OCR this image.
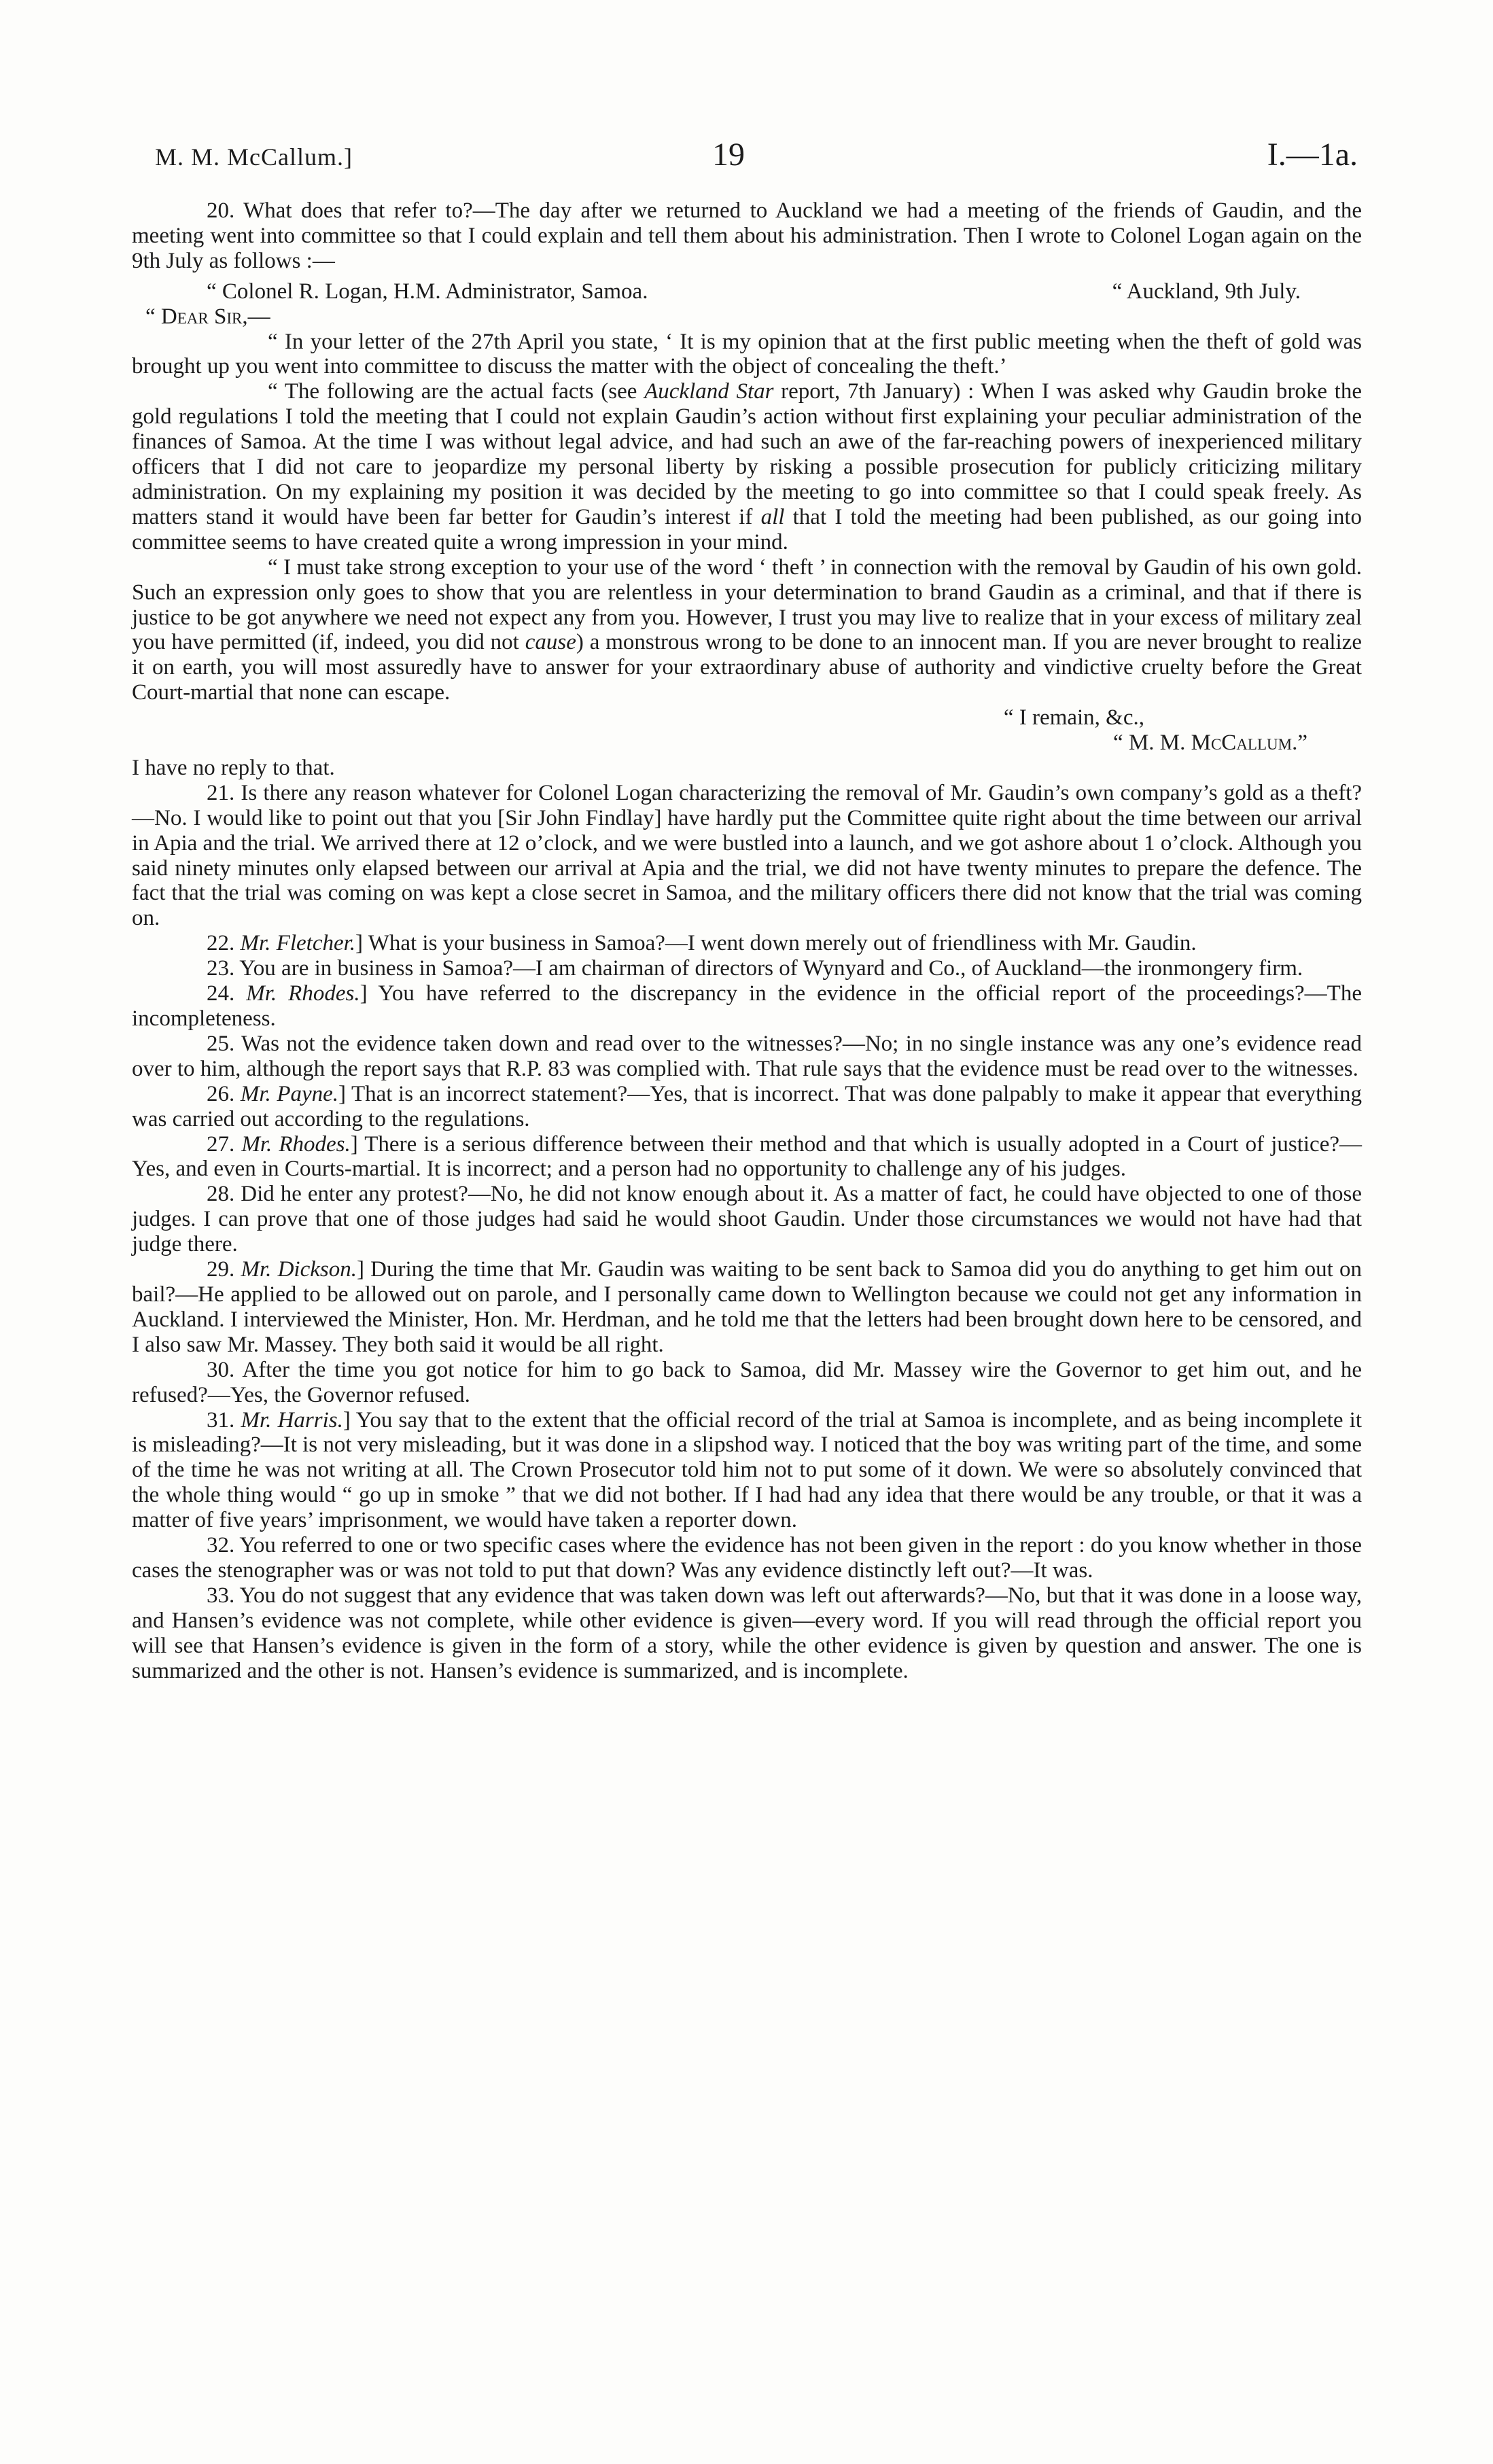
M. M. McCallum.]	19	I.—1a.

20. What does that refer to?—The day after we returned to Auckland we had a meeting of the friends of Gaudin, and the meeting went into committee so that I could explain and tell them about his administration. Then I wrote to Colonel Logan again on the 9th July as follows :—

“ Colonel R. Logan, H.M. Administrator, Samoa.	“ Auckland, 9th July.

“ Dear Sir,—

“ In your letter of the 27th April you state, ‘ It is my opinion that at the first public meeting when the theft of gold was brought up you went into committee to discuss the matter with the object of concealing the theft.’

“ The following are the actual facts (see Auckland Star report, 7th January) : When I was asked why Gaudin broke the gold regulations I told the meeting that I could not explain Gaudin’s action without first explaining your peculiar administration of the finances of Samoa. At the time I was without legal advice, and had such an awe of the far-reaching powers of inexperienced military officers that I did not care to jeopardize my personal liberty by risking a possible prosecution for publicly criticizing military administration. On my explaining my position it was decided by the meeting to go into committee so that I could speak freely. As matters stand it would have been far better for Gaudin’s interest if all that I told the meeting had been published, as our going into committee seems to have created quite a wrong impression in your mind.

“ I must take strong exception to your use of the word ‘ theft ’ in connection with the removal by Gaudin of his own gold. Such an expression only goes to show that you are relentless in your determination to brand Gaudin as a criminal, and that if there is justice to be got anywhere we need not expect any from you. However, I trust you may live to realize that in your excess of military zeal you have permitted (if, indeed, you did not cause) a monstrous wrong to be done to an innocent man. If you are never brought to realize it on earth, you will most assuredly have to answer for your extraordinary abuse of authority and vindictive cruelty before the Great Court-martial that none can escape.

“ I remain, &c.,

“ M. M. McCallum.”

I have no reply to that.

21. Is there any reason whatever for Colonel Logan characterizing the removal of Mr. Gaudin’s own company’s gold as a theft?—No. I would like to point out that you [Sir John Findlay] have hardly put the Committee quite right about the time between our arrival in Apia and the trial. We arrived there at 12 o’clock, and we were bustled into a launch, and we got ashore about 1 o’clock. Although you said ninety minutes only elapsed between our arrival at Apia and the trial, we did not have twenty minutes to prepare the defence. The fact that the trial was coming on was kept a close secret in Samoa, and the military officers there did not know that the trial was coming on.

22. Mr. Fletcher.] What is your business in Samoa?—I went down merely out of friendliness with Mr. Gaudin.

23. You are in business in Samoa?—I am chairman of directors of Wynyard and Co., of Auckland—the ironmongery firm.

24. Mr. Rhodes.] You have referred to the discrepancy in the evidence in the official report of the proceedings?—The incompleteness.

25. Was not the evidence taken down and read over to the witnesses?—No; in no single instance was any one’s evidence read over to him, although the report says that R.P. 83 was complied with. That rule says that the evidence must be read over to the witnesses.

26. Mr. Payne.] That is an incorrect statement?—Yes, that is incorrect. That was done palpably to make it appear that everything was carried out according to the regulations.

27. Mr. Rhodes.] There is a serious difference between their method and that which is usually adopted in a Court of justice?—Yes, and even in Courts-martial. It is incorrect; and a person had no opportunity to challenge any of his judges.

28. Did he enter any protest?—No, he did not know enough about it. As a matter of fact, he could have objected to one of those judges. I can prove that one of those judges had said he would shoot Gaudin. Under those circumstances we would not have had that judge there.

29. Mr. Dickson.] During the time that Mr. Gaudin was waiting to be sent back to Samoa did you do anything to get him out on bail?—He applied to be allowed out on parole, and I personally came down to Wellington because we could not get any information in Auckland. I interviewed the Minister, Hon. Mr. Herdman, and he told me that the letters had been brought down here to be censored, and I also saw Mr. Massey. They both said it would be all right.

30. After the time you got notice for him to go back to Samoa, did Mr. Massey wire the Governor to get him out, and he refused?—Yes, the Governor refused.

31. Mr. Harris.] You say that to the extent that the official record of the trial at Samoa is incomplete, and as being incomplete it is misleading?—It is not very misleading, but it was done in a slipshod way. I noticed that the boy was writing part of the time, and some of the time he was not writing at all. The Crown Prosecutor told him not to put some of it down. We were so absolutely convinced that the whole thing would “ go up in smoke ” that we did not bother. If I had had any idea that there would be any trouble, or that it was a matter of five years’ imprisonment, we would have taken a reporter down.

32. You referred to one or two specific cases where the evidence has not been given in the report : do you know whether in those cases the stenographer was or was not told to put that down? Was any evidence distinctly left out?—It was.

33. You do not suggest that any evidence that was taken down was left out afterwards?—No, but that it was done in a loose way, and Hansen’s evidence was not complete, while other evidence is given—every word. If you will read through the official report you will see that Hansen’s evidence is given in the form of a story, while the other evidence is given by question and answer. The one is summarized and the other is not. Hansen’s evidence is summarized, and is incomplete.
